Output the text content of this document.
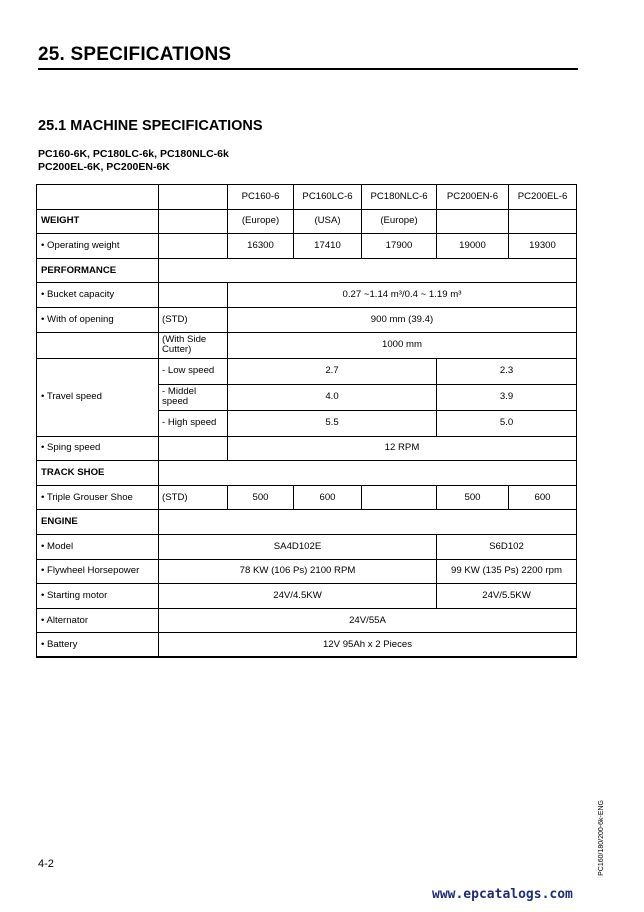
25. SPECIFICATIONS
25.1 MACHINE SPECIFICATIONS
PC160-6K, PC180LC-6k, PC180NLC-6k
PC200EL-6K, PC200EN-6K
		PC160-6	PC160LC-6	PC180NLC-6	PC200EN-6	PC200EL-6
WEIGHT		(Europe)	(USA)	(Europe)		
• Operating weight		16300	17410	17900	19000	19300
PERFORMANCE						
• Bucket capacity		0.27 ~1.14 m³/0.4 ~ 1.19 m³				
• With of opening	(STD)	900 mm (39.4)				
	(With Side Cutter)	1000 mm				
• Travel speed	- Low speed	2.7			2.3	
	- Middel speed	4.0			3.9	
	- High speed	5.5			5.0	
• Sping speed		12 RPM				
TRACK SHOE						
• Triple Grouser Shoe	(STD)	500	600		500	600
ENGINE						
• Model	SA4D102E				S6D102	
• Flywheel Horsepower	78 KW (106 Ps) 2100 RPM				99 KW (135 Ps) 2200 rpm	
• Starting motor	24V/4.5KW				24V/5.5KW	
• Alternator	24V/55A					
• Battery	12V 95Ah x 2 Pieces					
4-2	PC160/180/200-6k-ENG
www.epcatalogs.com
